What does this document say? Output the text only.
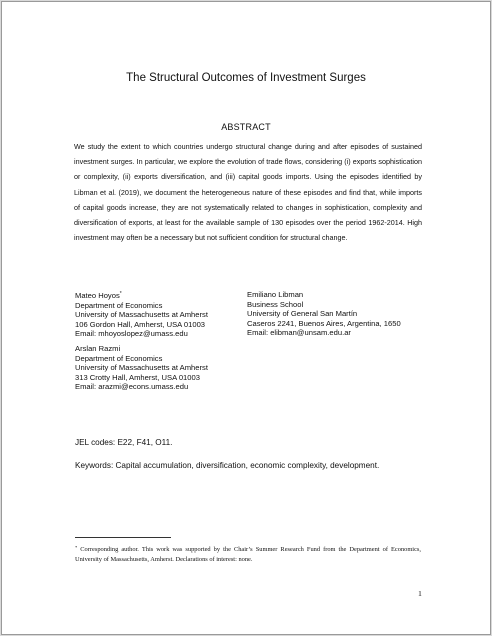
The Structural Outcomes of Investment Surges
ABSTRACT
We study the extent to which countries undergo structural change during and after episodes of sustained investment surges. In particular, we explore the evolution of trade flows, considering (i) exports sophistication or complexity, (ii) exports diversification, and (iii) capital goods imports. Using the episodes identified by Libman et al. (2019), we document the heterogeneous nature of these episodes and find that, while imports of capital goods increase, they are not systematically related to changes in sophistication, complexity and diversification of exports, at least for the available sample of 130 episodes over the period 1962-2014. High investment may often be a necessary but not sufficient condition for structural change.
Mateo Hoyos*
Department of Economics
University of Massachusetts at Amherst
106 Gordon Hall, Amherst, USA 01003
Email: mhoyoslopez@umass.edu
Emiliano Libman
Business School
University of General San Martín
Caseros 2241, Buenos Aires, Argentina, 1650
Email: elibman@unsam.edu.ar
Arslan Razmi
Department of Economics
University of Massachusetts at Amherst
313 Crotty Hall, Amherst, USA 01003
Email: arazmi@econs.umass.edu
JEL codes: E22, F41, O11.
Keywords: Capital accumulation, diversification, economic complexity, development.
* Corresponding author. This work was supported by the Chair’s Summer Research Fund from the Department of Economics, University of Massachusetts, Amherst. Declarations of interest: none.
1
